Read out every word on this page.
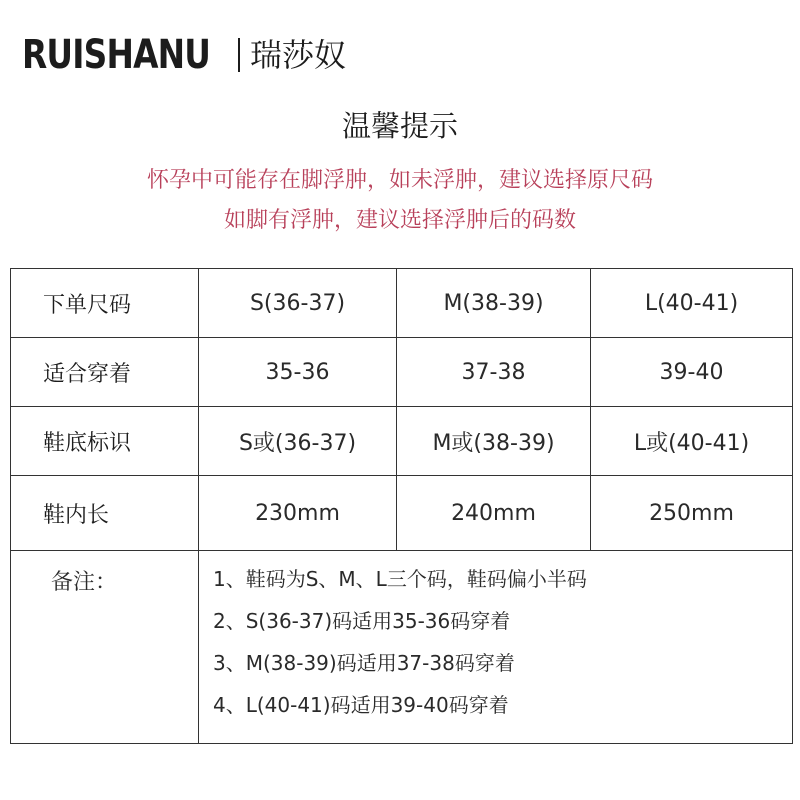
RUISHANU 瑞莎奴
温馨提示
怀孕中可能存在脚浮肿，如未浮肿，建议选择原尺码
如脚有浮肿，建议选择浮肿后的码数
下单尺码	S(36-37)	M(38-39)	L(40-41)
适合穿着	35-36	37-38	39-40
鞋底标识	S或(36-37)	M或(38-39)	L或(40-41)
鞋内长	230mm	240mm	250mm
备注：	1、鞋码为S、M、L三个码，鞋码偏小半码
2、S(36-37)码适用35-36码穿着
3、M(38-39)码适用37-38码穿着
4、L(40-41)码适用39-40码穿着		
